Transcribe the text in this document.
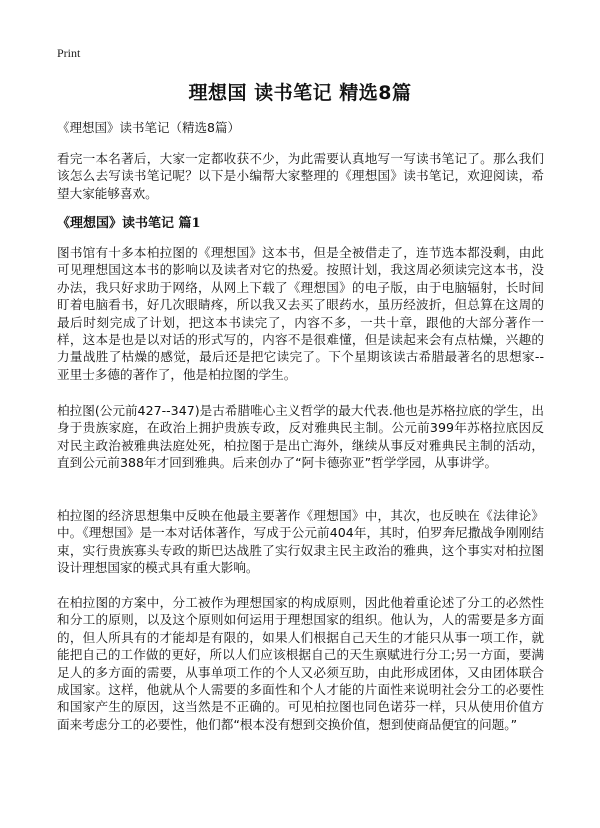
Print
理想国 读书笔记 精选8篇
《理想国》读书笔记（精选8篇）

看完一本名著后，大家一定都收获不少，为此需要认真地写一写读书笔记了。那么我们该怎么去写读书笔记呢？以下是小编帮大家整理的《理想国》读书笔记，欢迎阅读，希望大家能够喜欢。

《理想国》读书笔记 篇1

图书馆有十多本柏拉图的《理想国》这本书，但是全被借走了，连节选本都没剩，由此可见理想国这本书的影响以及读者对它的热爱。按照计划，我这周必须读完这本书，没办法，我只好求助于网络，从网上下载了《理想国》的电子版，由于电脑辐射，长时间盯着电脑看书，好几次眼睛疼，所以我又去买了眼药水，虽历经波折，但总算在这周的最后时刻完成了计划，把这本书读完了，内容不多，一共十章，跟他的大部分著作一样，这本是也是以对话的形式写的，内容不是很难懂，但是读起来会有点枯燥，兴趣的力量战胜了枯燥的感觉，最后还是把它读完了。下个星期该读古希腊最著名的思想家--亚里士多德的著作了，他是柏拉图的学生。

柏拉图(公元前427--347)是古希腊唯心主义哲学的最大代表.他也是苏格拉底的学生，出身于贵族家庭，在政治上拥护贵族专政，反对雅典民主制。公元前399年苏格拉底因反对民主政治被雅典法庭处死，柏拉图于是出亡海外，继续从事反对雅典民主制的活动，直到公元前388年才回到雅典。后来创办了“阿卡德弥亚”哲学学园，从事讲学。

柏拉图的经济思想集中反映在他最主要著作《理想国》中，其次，也反映在《法律论》中。《理想国》是一本对话体著作，写成于公元前404年，其时，伯罗奔尼撒战争刚刚结束，实行贵族寡头专政的斯巴达战胜了实行奴隶主民主政治的雅典，这个事实对柏拉图设计理想国家的模式具有重大影响。

在柏拉图的方案中，分工被作为理想国家的构成原则，因此他着重论述了分工的必然性和分工的原则，以及这个原则如何运用于理想国家的组织。他认为，人的需要是多方面的，但人所具有的才能却是有限的，如果人们根据自己天生的才能只从事一项工作，就能把自己的工作做的更好，所以人们应该根据自己的天生禀赋进行分工;另一方面，要满足人的多方面的需要，从事单项工作的个人又必须互助，由此形成团体，又由团体联合成国家。这样，他就从个人需要的多面性和个人才能的片面性来说明社会分工的必要性和国家产生的原因，这当然是不正确的。可见柏拉图也同色诺芬一样，只从使用价值方面来考虑分工的必要性，他们都“根本没有想到交换价值，想到使商品便宜的问题。”
